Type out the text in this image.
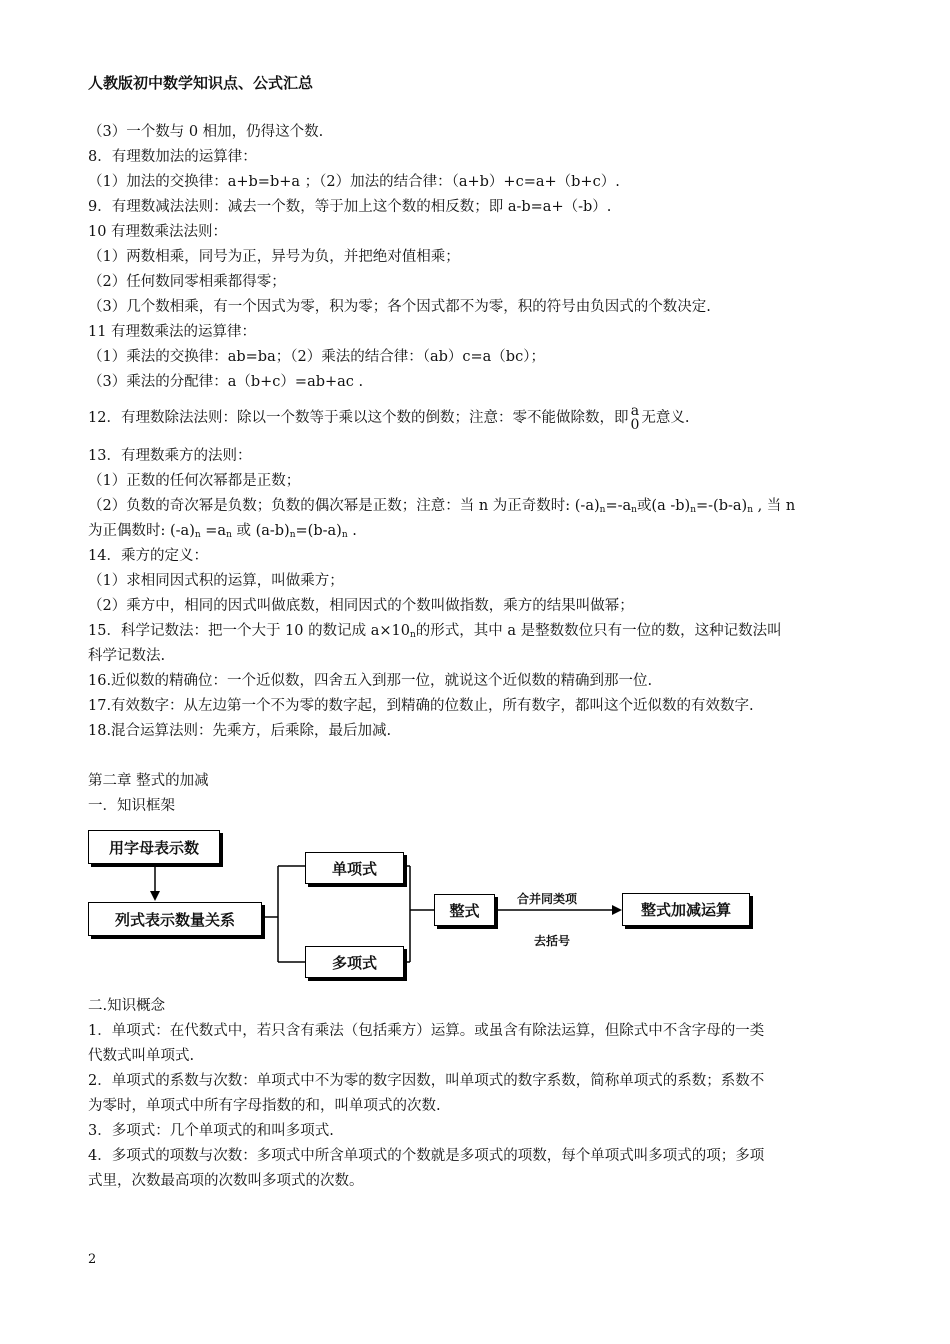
人教版初中数学知识点、公式汇总
（3）一个数与 0 相加，仍得这个数.
8．有理数加法的运算律：
（1）加法的交换律：a+b=b+a ；（2）加法的结合律：（a+b）+c=a+（b+c）.
9．有理数减法法则：减去一个数，等于加上这个数的相反数；即 a-b=a+（-b）.
10 有理数乘法法则：
（1）两数相乘，同号为正，异号为负，并把绝对值相乘；
（2）任何数同零相乘都得零；
（3）几个数相乘，有一个因式为零，积为零；各个因式都不为零，积的符号由负因式的个数决定.
11 有理数乘法的运算律：
（1）乘法的交换律：ab=ba；（2）乘法的结合律：（ab）c=a（bc）；
（3）乘法的分配律：a（b+c）=ab+ac .
12．有理数除法法则：除以一个数等于乘以这个数的倒数；注意：零不能做除数，即 a
0 无意义.
13．有理数乘方的法则：
（1）正数的任何次幂都是正数；
（2）负数的奇次幂是负数；负数的偶次幂是正数；注意：当 n 为正奇数时: $(-a)_n=-a_n$或(a $-b)_n=-(b-a)_n$ , 当 n
为正偶数时: $(-a)_n =a_n$ 或 $(a-b)_n=(b-a)_n$ .
14．乘方的定义：
（1）求相同因式积的运算，叫做乘方；
（2）乘方中，相同的因式叫做底数，相同因式的个数叫做指数，乘方的结果叫做幂；
15．科学记数法：把一个大于 10 的数记成 $a\times 10_n$的形式，其中 a 是整数数位只有一位的数，这种记数法叫
科学记数法.
16.近似数的精确位：一个近似数，四舍五入到那一位，就说这个近似数的精确到那一位.
17.有效数字：从左边第一个不为零的数字起，到精确的位数止，所有数字，都叫这个近似数的有效数字.
18.混合运算法则：先乘方，后乘除，最后加减.
第二章 整式的加减
一．知识框架
用字母表示数
列式表示数量关系
单项式
多项式
整式	整式加减运算
合并同类项
去括号
二.知识概念
1．单项式：在代数式中，若只含有乘法（包括乘方）运算。或虽含有除法运算，但除式中不含字母的一类
代数式叫单项式.
2．单项式的系数与次数：单项式中不为零的数字因数，叫单项式的数字系数，简称单项式的系数；系数不
为零时，单项式中所有字母指数的和，叫单项式的次数.
3．多项式：几个单项式的和叫多项式.
4．多项式的项数与次数：多项式中所含单项式的个数就是多项式的项数，每个单项式叫多项式的项；多项
式里，次数最高项的次数叫多项式的次数。
2
